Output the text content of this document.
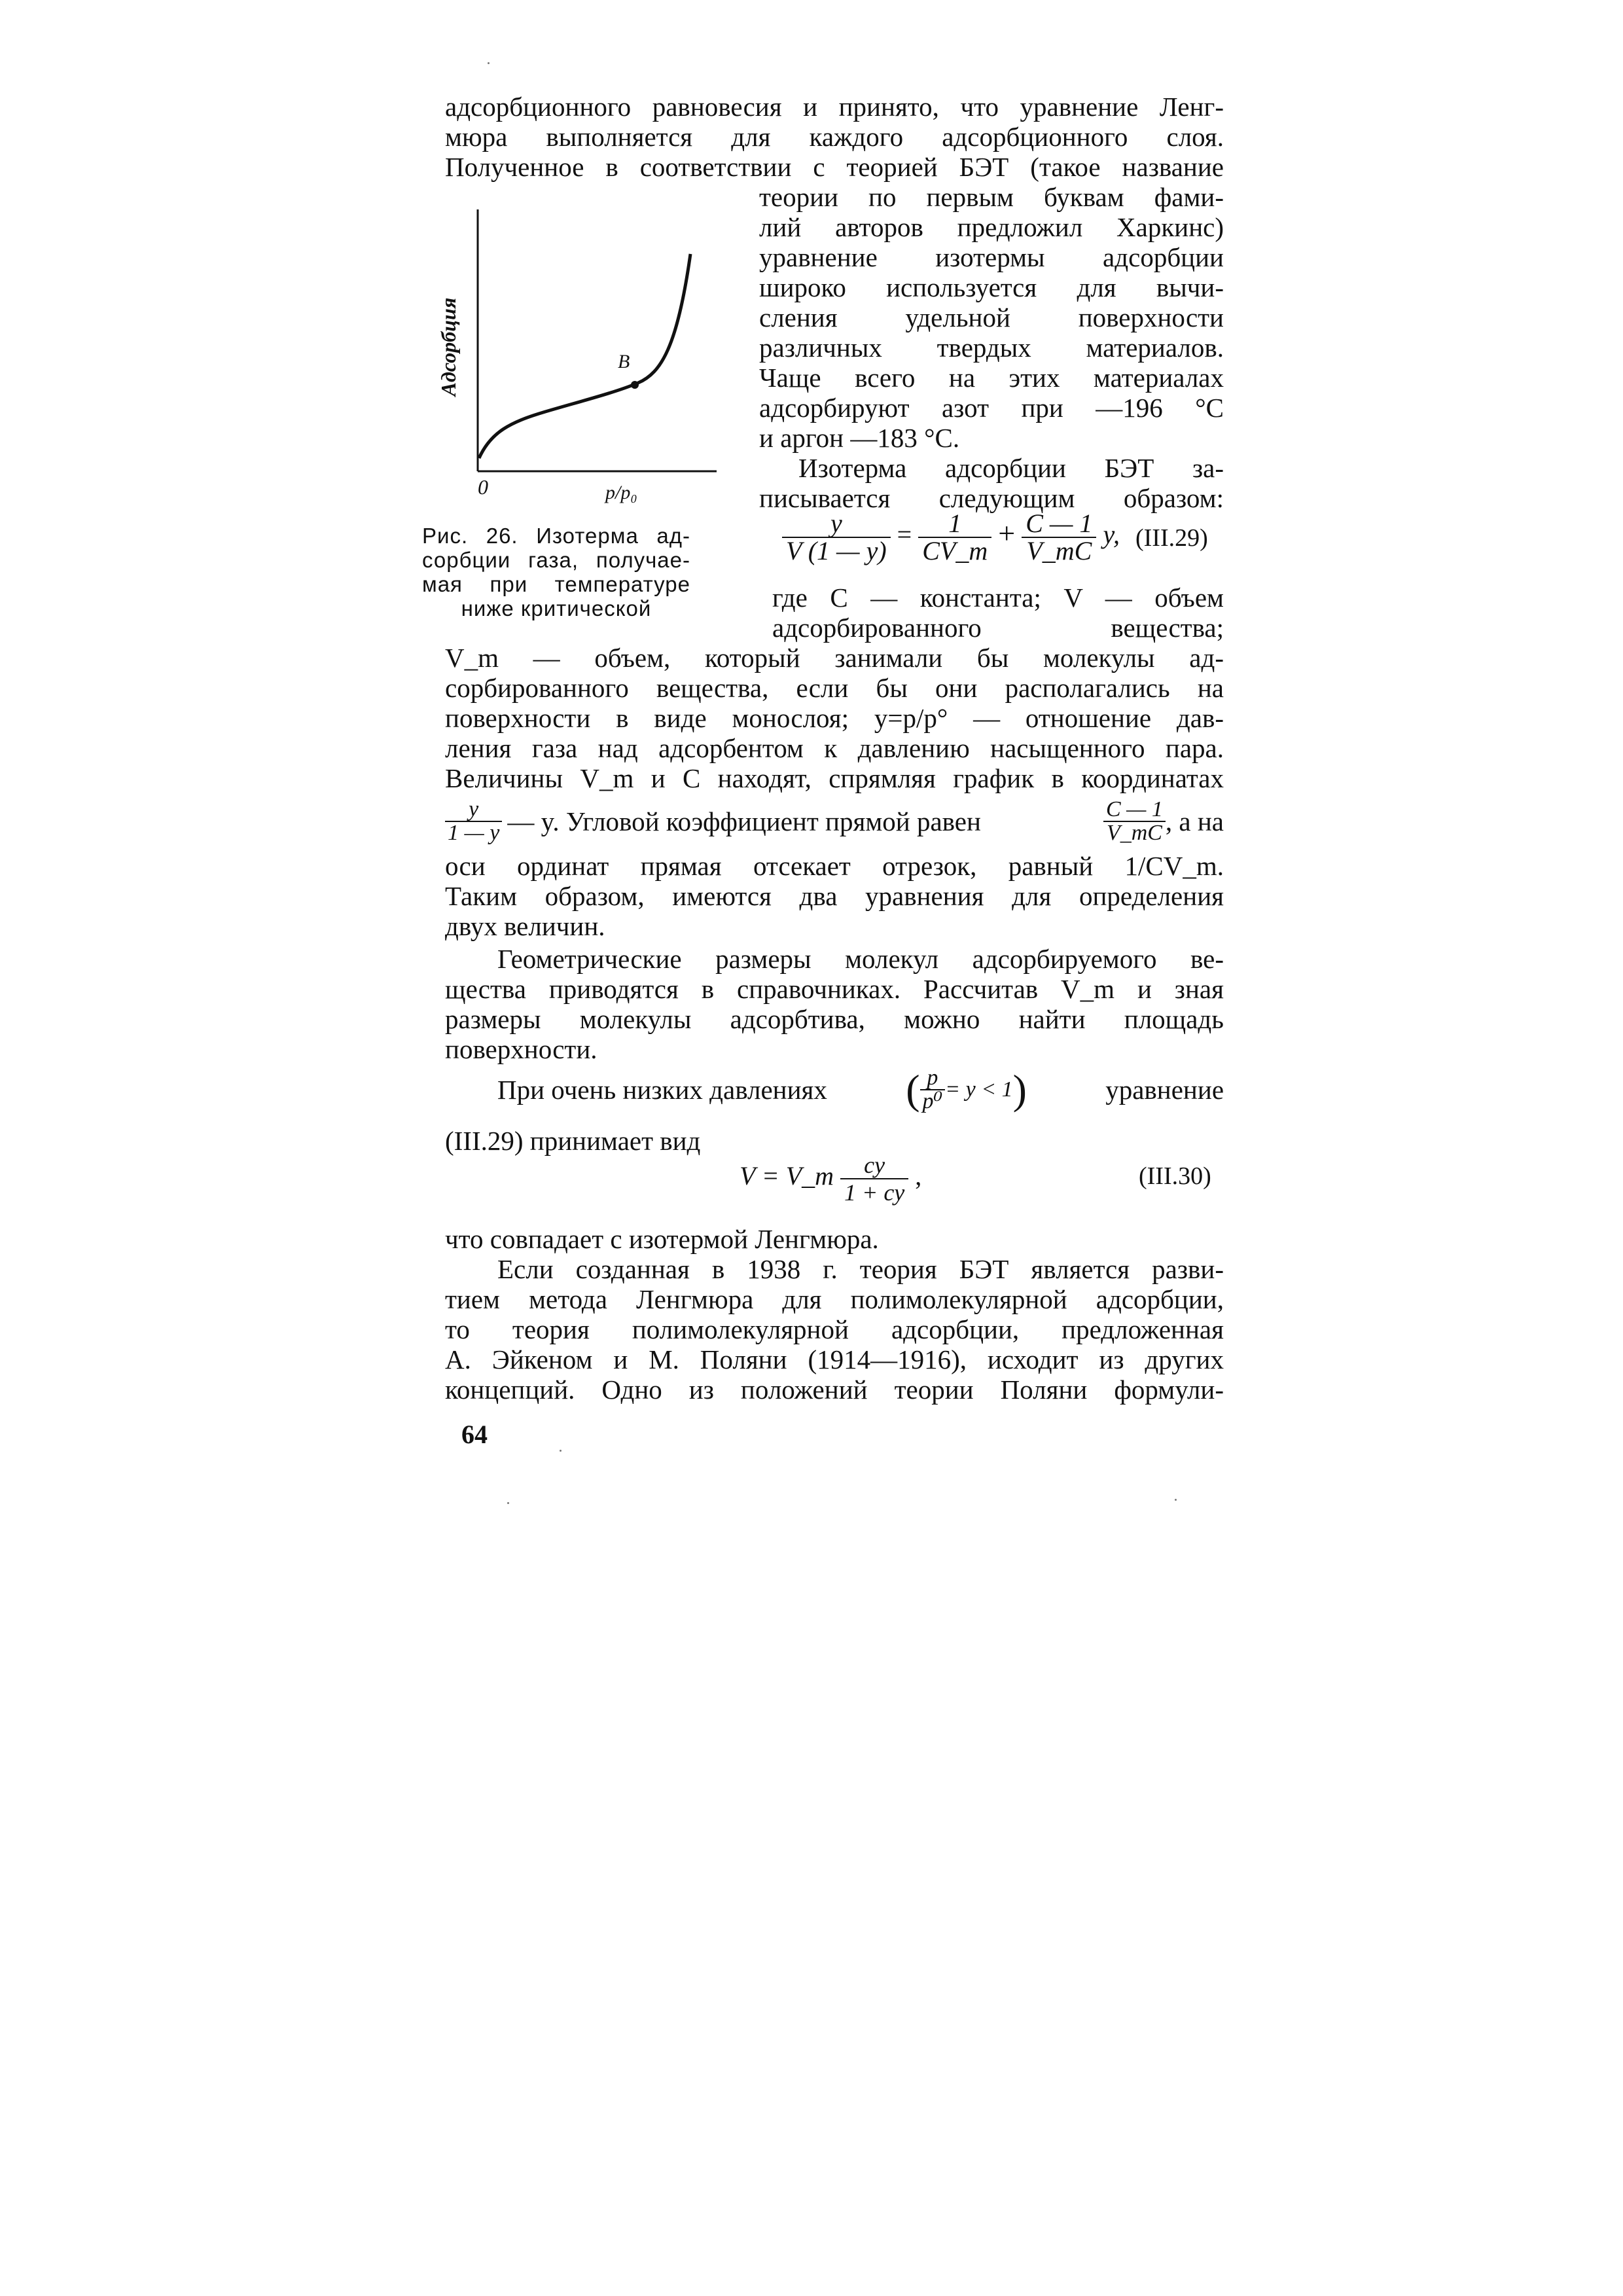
адсорбционного равновесия и принято, что уравнение Ленг-
мюра выполняется для каждого адсорбционного слоя.
Полученное в соответствии с теорией БЭТ (такое название
В
Адсорбция
0	p/p₀
теории по первым буквам фами-
лий авторов предложил Харкинс)
уравнение изотермы адсорбции
широко используется для вычи-
сления удельной поверхности
различных твердых материалов.
Чаще всего на этих материалах
адсорбируют азот при —196 °С
и аргон —183 °С.
Изотерма адсорбции БЭТ за-
писывается следующим образом:
Рис. 26. Изотерма ад-
сорбции газа, получае-
мая при температуре
ниже критической
$\frac{y}{V (1 — y)} = \frac{1}{CV\_m} + \frac{C — 1}{V\_mC} y$, (III.29)
где С — константа; V — объем
адсорбированного вещества;
V_m — объем, который занимали бы молекулы ад-
сорбированного вещества, если бы они располагались на
поверхности в виде монослоя; y=p/p° — отношение дав-
ления газа над адсорбентом к давлению насыщенного пара.
Величины V_m и C находят, спрямляя график в координатах
$\frac{y}{1 — y}$ — y. Угловой коэффициент прямой равен	$\frac{C — 1}{V\_mC}$ , а на
оси ординат прямая отсекает отрезок, равный 1/CV_m.
Таким образом, имеются два уравнения для определения
двух величин.
Геометрические размеры молекул адсорбируемого ве-
щества приводятся в справочниках. Рассчитав V_m и зная
размеры молекулы адсорбтива, можно найти площадь
поверхности.
При очень низких давлениях ( $\frac{p}{\text{p⁰}} = y < 1$ )	уравнение
(III.29) принимает вид
V = V_m $\frac{cy}{1 + cy}$ ,	(III.30)
что совпадает с изотермой Ленгмюра.
Если созданная в 1938 г. теория БЭТ является разви-
тием метода Ленгмюра для полимолекулярной адсорбции,
то теория полимолекулярной адсорбции, предложенная
А. Эйкеном и М. Поляни (1914—1916), исходит из других
концепций. Одно из положений теории Поляни формули-
64
